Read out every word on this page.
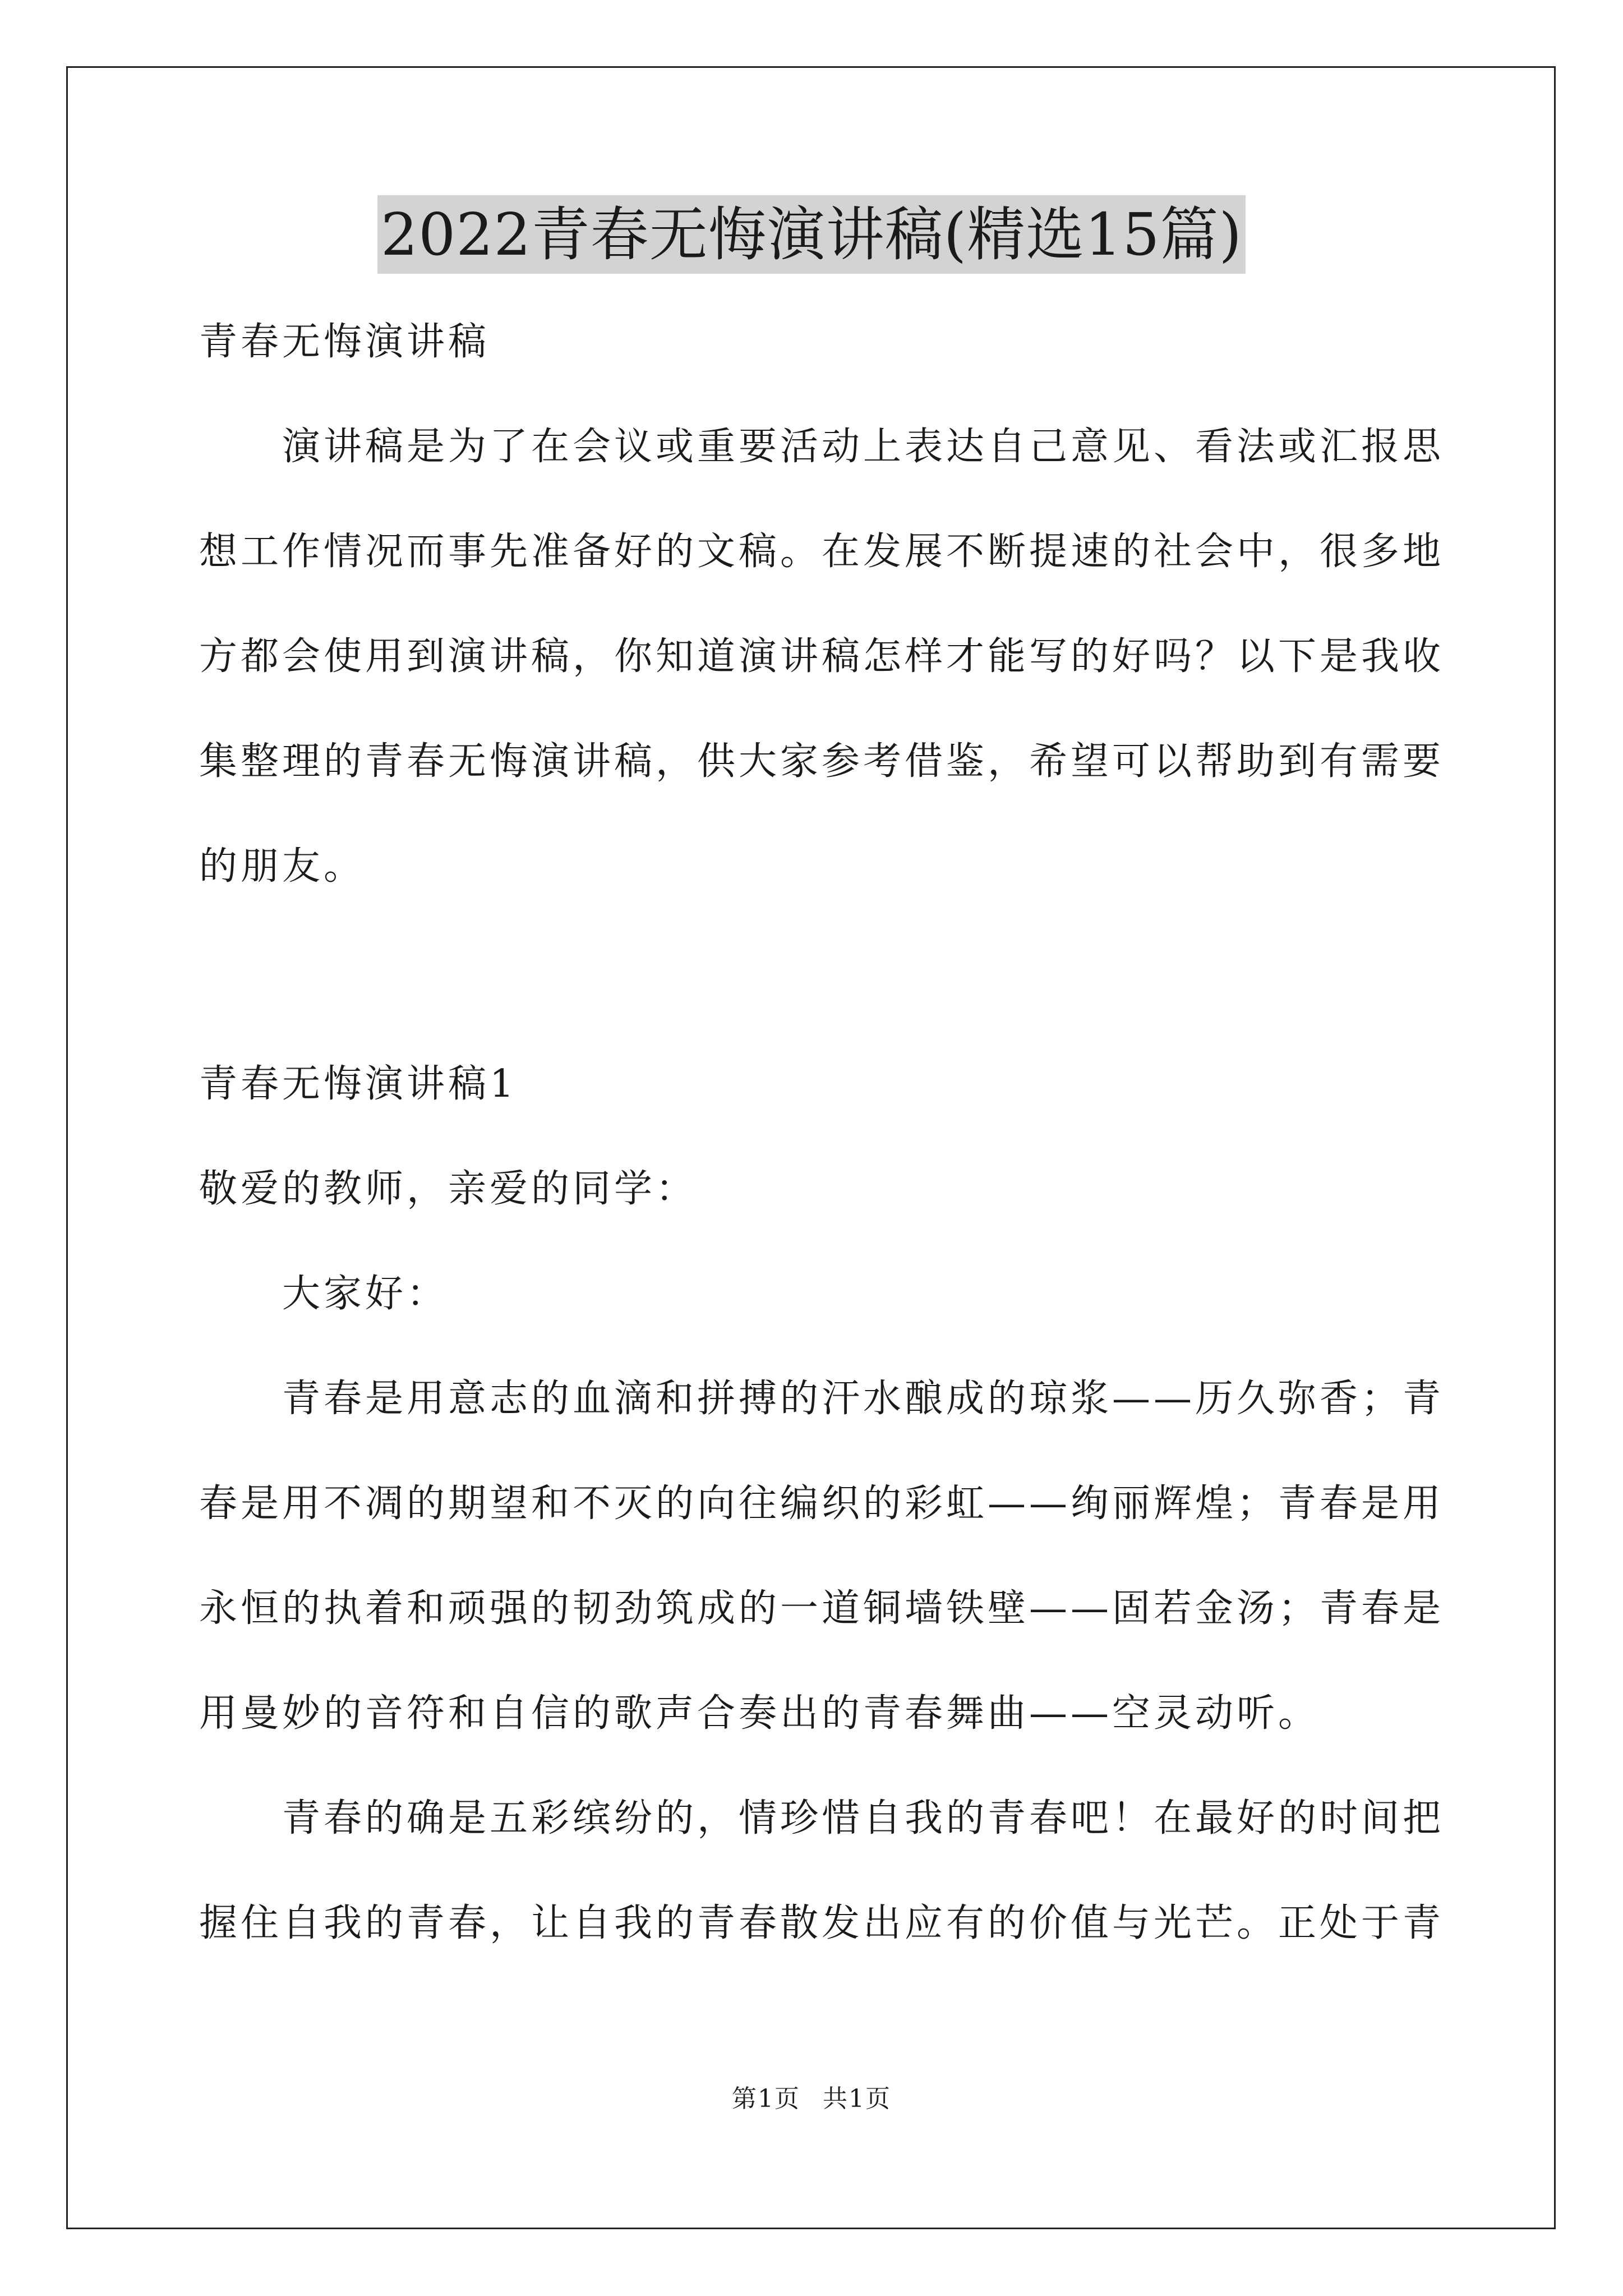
2022青春无悔演讲稿(精选15篇)
青春无悔演讲稿
演讲稿是为了在会议或重要活动上表达自己意见、看法或汇报思
想工作情况而事先准备好的文稿。在发展不断提速的社会中，很多地
方都会使用到演讲稿，你知道演讲稿怎样才能写的好吗？以下是我收
集整理的青春无悔演讲稿，供大家参考借鉴，希望可以帮助到有需要
的朋友。
青春无悔演讲稿1
敬爱的教师，亲爱的同学：
大家好：
青春是用意志的血滴和拼搏的汗水酿成的琼浆——历久弥香；青
春是用不凋的期望和不灭的向往编织的彩虹——绚丽辉煌；青春是用
永恒的执着和顽强的韧劲筑成的一道铜墙铁壁——固若金汤；青春是
用曼妙的音符和自信的歌声合奏出的青春舞曲——空灵动听。
青春的确是五彩缤纷的，情珍惜自我的青春吧！在最好的时间把
握住自我的青春，让自我的青春散发出应有的价值与光芒。正处于青
第1页 共1页
